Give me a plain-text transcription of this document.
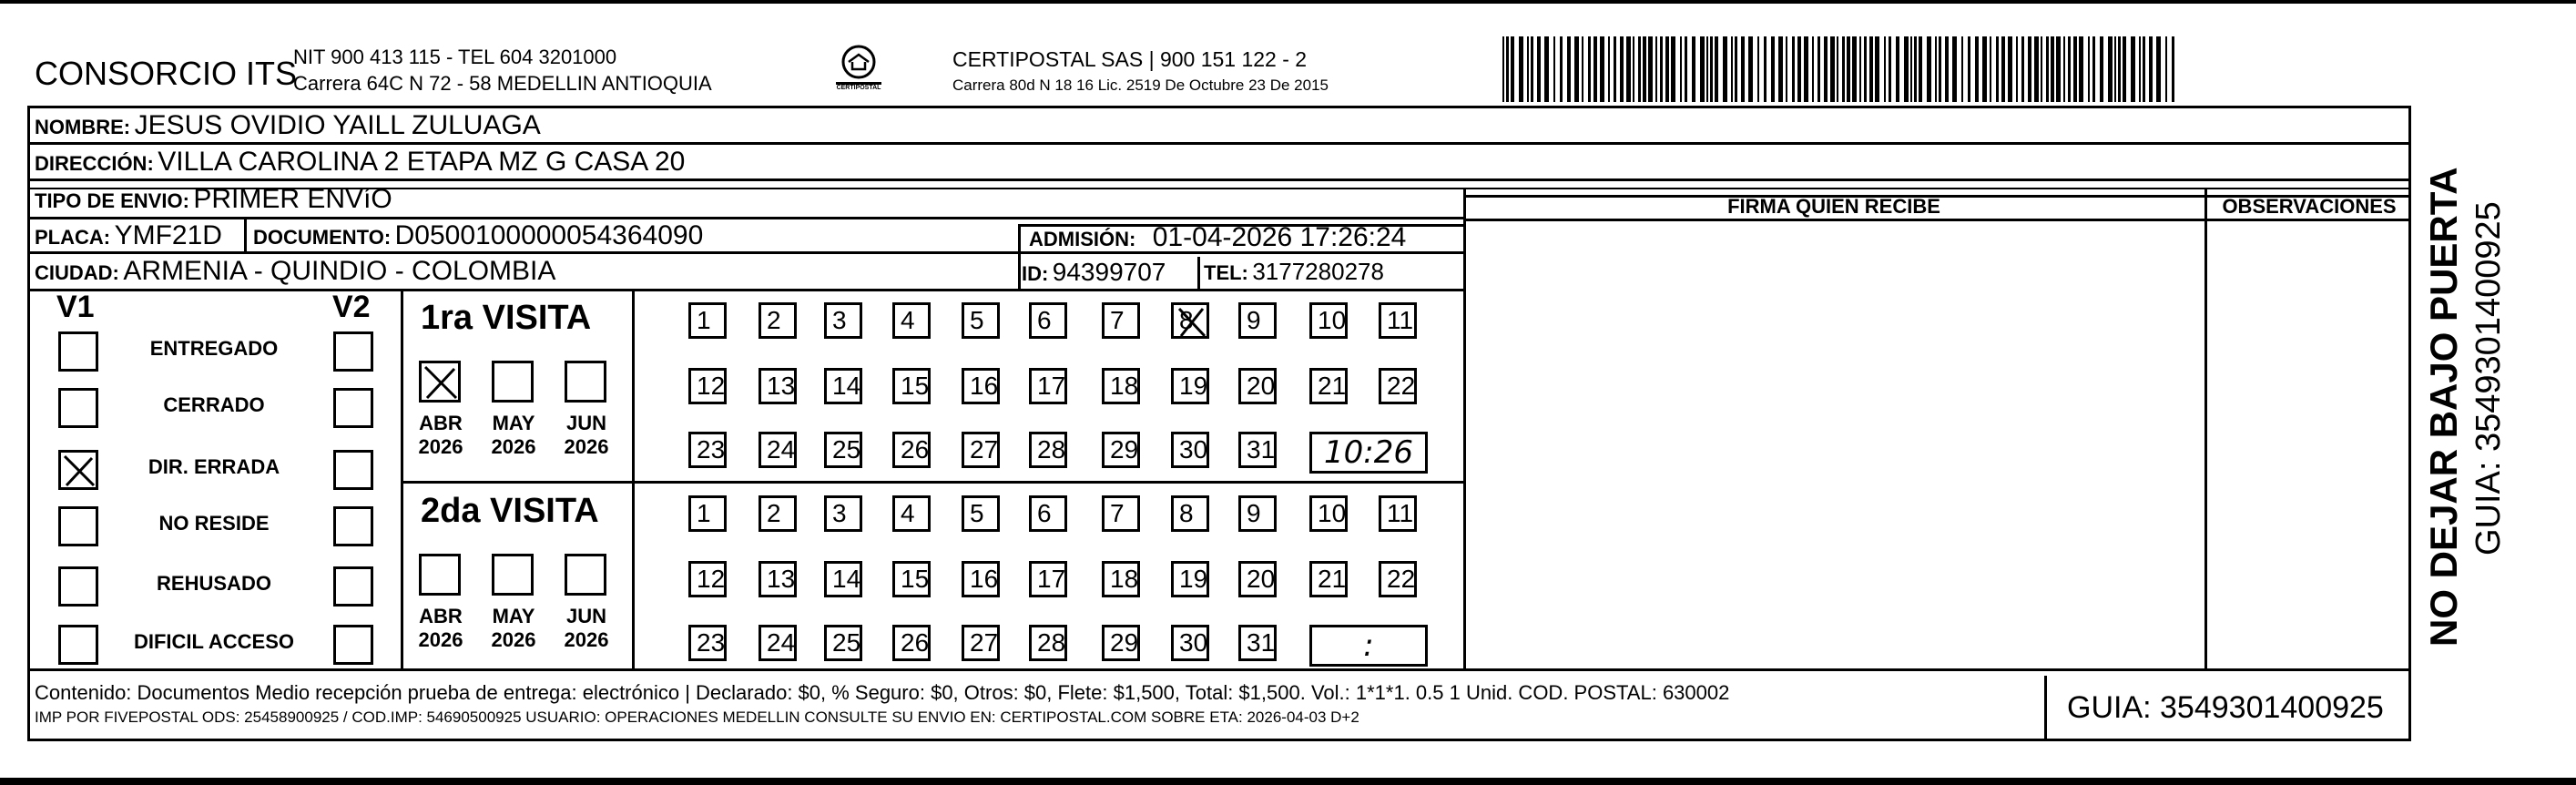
CONSORCIO ITS
NIT 900 413 115 - TEL 604 3201000
Carrera 64C N 72 - 58 MEDELLIN ANTIOQUIA	CERTIPOSTAL
CERTIPOSTAL SAS | 900 151 122 - 2
Carrera 80d N 18 16 Lic. 2519 De Octubre 23 De 2015
NOMBRE: JESUS OVIDIO YAILL ZULUAGA
DIRECCIÓN: VILLA CAROLINA 2 ETAPA MZ G CASA 20
TIPO DE ENVIO: PRIMER ENVíO
PLACA: YMF21D DOCUMENTO: D0500100000054364090	ADMISIÓN: 01-04-2026 17:26:24
CIUDAD: ARMENIA - QUINDIO - COLOMBIA	ID: 94399707 TEL: 3177280278
FIRMA QUIEN RECIBE	OBSERVACIONES
V1	V2
ENTREGADO
CERRADO
DIR. ERRADA
NO RESIDE
REHUSADO
DIFICIL ACCESO
1ra VISITA
ABR
2026
MAY
2026
JUN
2026
1	2	3	4	5	6	7	8	9	10	11
12	13	14	15	16	17	18	19	20	21	22
23	24	25	26	27	28	29	30	31	10:26
2da VISITA
ABR
2026
MAY
2026
JUN
2026
1	2	3	4	5	6	7	8	9	10	11
12	13	14	15	16	17	18	19	20	21	22
23	24	25	26	27	28	29	30	31	:
Contenido: Documentos Medio recepción prueba de entrega: electrónico | Declarado: $0, % Seguro: $0, Otros: $0, Flete: $1,500, Total: $1,500. Vol.: 1*1*1. 0.5 1 Unid. COD. POSTAL: 630002
IMP POR FIVEPOSTAL ODS: 25458900925 / COD.IMP: 54690500925 USUARIO: OPERACIONES MEDELLIN CONSULTE SU ENVIO EN: CERTIPOSTAL.COM SOBRE ETA: 2026-04-03 D+2	GUIA: 3549301400925
NO DEJAR BAJO PUERTA GUIA: 3549301400925
